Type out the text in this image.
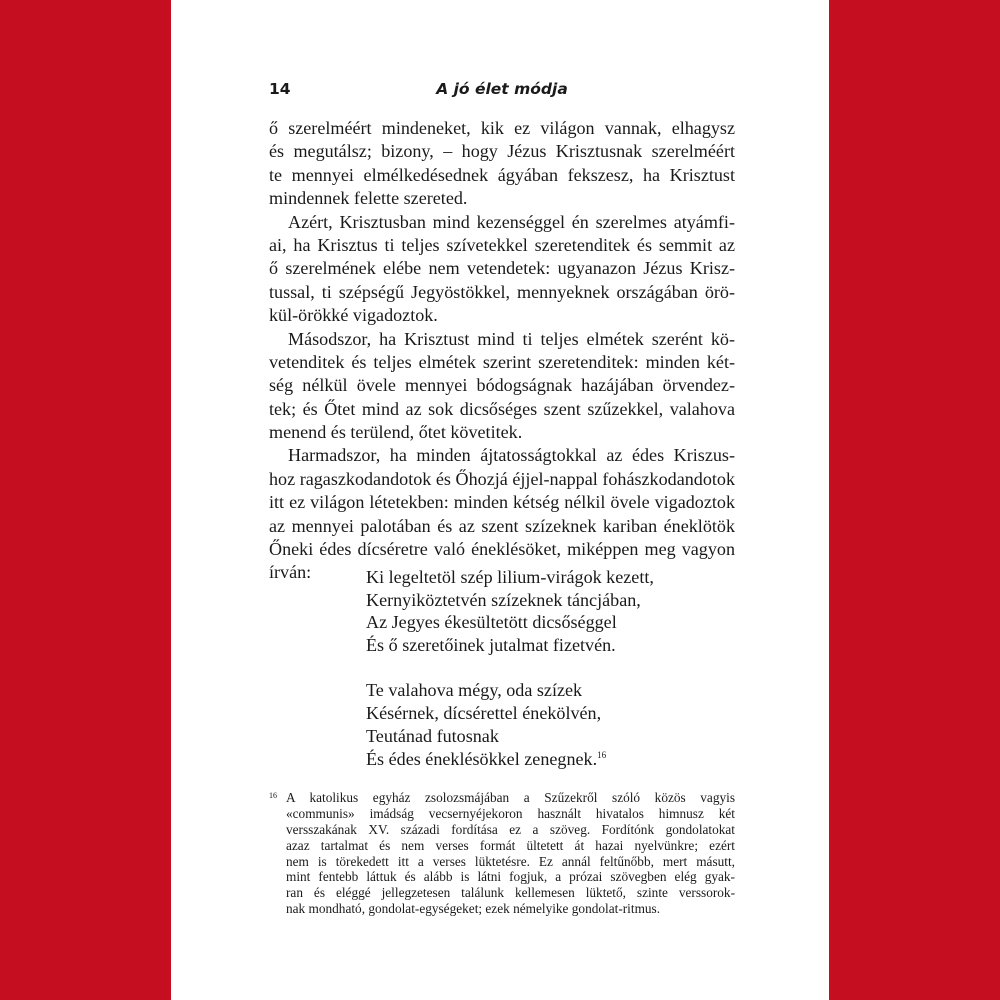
14	A jó élet módja
ő szerelméért mindeneket, kik ez világon vannak, elhagysz
és megutálsz; bizony, – hogy Jézus Krisztusnak szerelméért
te mennyei elmélkedésednek ágyában fekszesz, ha Krisztust
mindennek felette szereted.
Azért, Krisztusban mind kezenséggel én szerelmes atyámfi-
ai, ha Krisztus ti teljes szívetekkel szeretenditek és semmit az
ő szerelmének elébe nem vetendetek: ugyanazon Jézus Krisz-
tussal, ti szépségű Jegyöstökkel, mennyeknek országában örö-
kül-örökké vigadoztok.
Másodszor, ha Krisztust mind ti teljes elmétek szerént kö-
vetenditek és teljes elmétek szerint szeretenditek: minden két-
ség nélkül övele mennyei bódogságnak hazájában örvendez-
tek; és Őtet mind az sok dicsőséges szent szűzekkel, valahova
menend és terülend, őtet követitek.
Harmadszor, ha minden ájtatosságtokkal az édes Kriszus-
hoz ragaszkodandotok és Őhozjá éjjel-nappal fohászkodandotok
itt ez világon létetekben: minden kétség nélkil övele vigadoztok
az mennyei palotában és az szent szízeknek kariban éneklötök
Őneki édes dícséretre való éneklésöket, miképpen meg vagyon
írván:	Ki legeltetöl szép lilium-virágok kezett,
Kernyiköztetvén szízeknek táncjában,
Az Jegyes ékesültetött dicsőséggel
És ő szeretőinek jutalmat fizetvén.
Te valahova mégy, oda szízek
Késérnek, dícsérettel énekölvén,
Teutánad futosnak
És édes éneklésökkel zenegnek.$^{16}$
16 A katolikus egyház zsolozsmájában a Szűzekről szóló közös vagyis
«communis» imádság vecsernyéjekoron használt hivatalos himnusz két
versszakának XV. századi fordítása ez a szöveg. Fordítónk gondolatokat
azaz tartalmat és nem verses formát ültetett át hazai nyelvünkre; ezért
nem is törekedett itt a verses lüktetésre. Ez annál feltűnőbb, mert másutt,
mint fentebb láttuk és alább is látni fogjuk, a prózai szövegben elég gyak-
ran és eléggé jellegzetesen találunk kellemesen lüktető, szinte verssorok-
nak mondható, gondolat-egységeket; ezek némelyike gondolat-ritmus.
